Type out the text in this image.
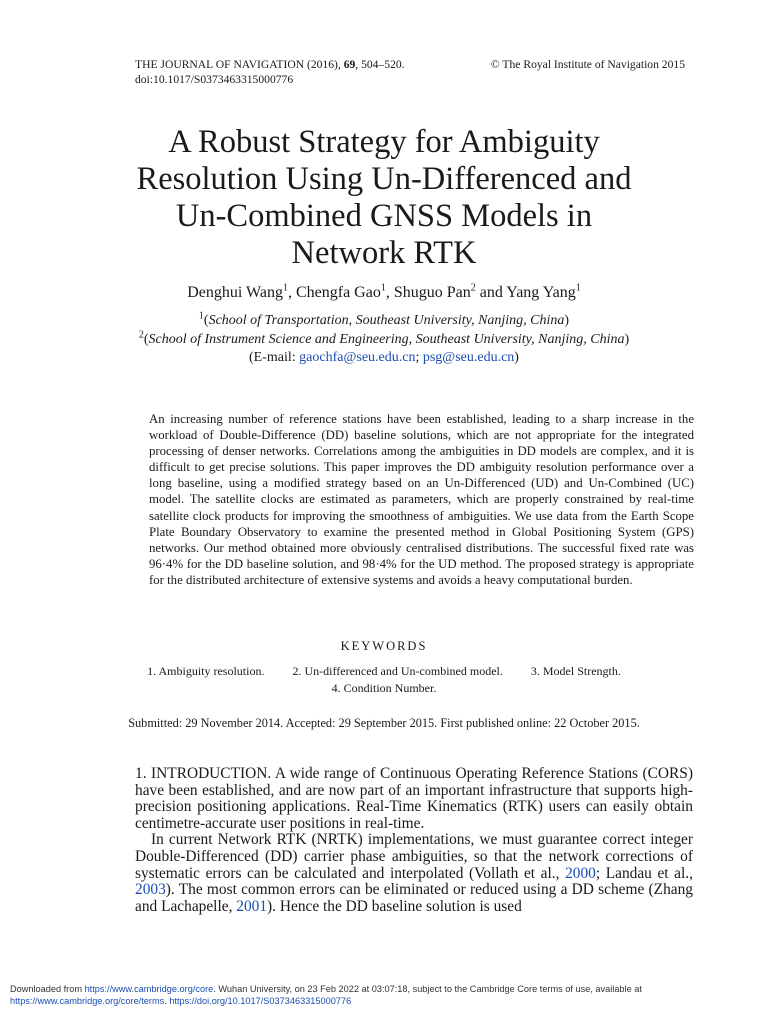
THE JOURNAL OF NAVIGATION (2016), 69, 504–520.	© The Royal Institute of Navigation 2015
doi:10.1017/S0373463315000776
A Robust Strategy for Ambiguity
Resolution Using Un-Differenced and
Un-Combined GNSS Models in
Network RTK
Denghui Wang$^1$, Chengfa Gao$^1$, Shuguo Pan$^2$ and Yang Yang$^1$
$^1$(School of Transportation, Southeast University, Nanjing, China)
$^2$(School of Instrument Science and Engineering, Southeast University, Nanjing, China)
(E-mail: gaochfa@seu.edu.cn; psg@seu.edu.cn)
An increasing number of reference stations have been established, leading to a sharp increase in the workload of Double-Difference (DD) baseline solutions, which are not appropriate for the integrated processing of denser networks. Correlations among the ambiguities in DD models are complex, and it is difficult to get precise solutions. This paper improves the DD ambiguity resolution performance over a long baseline, using a modified strategy based on an Un-Differenced (UD) and Un-Combined (UC) model. The satellite clocks are estimated as parameters, which are properly constrained by real-time satellite clock products for improving the smoothness of ambiguities. We use data from the Earth Scope Plate Boundary Observatory to examine the presented method in Global Positioning System (GPS) networks. Our method obtained more obviously centralised distributions. The successful fixed rate was 96·4% for the DD baseline solution, and 98·4% for the UD method. The proposed strategy is appropriate for the distributed architecture of extensive systems and avoids a heavy computational burden.
KEYWORDS
1. Ambiguity resolution. 2. Un-differenced and Un-combined model. 3. Model Strength.
4. Condition Number.
Submitted: 29 November 2014. Accepted: 29 September 2015. First published online: 22 October 2015.

1. INTRODUCTION. A wide range of Continuous Operating Reference Stations (CORS) have been established, and are now part of an important infrastructure that supports high-precision positioning applications. Real-Time Kinematics (RTK) users can easily obtain centimetre-accurate user positions in real-time.

In current Network RTK (NRTK) implementations, we must guarantee correct integer Double-Differenced (DD) carrier phase ambiguities, so that the network corrections of systematic errors can be calculated and interpolated (Vollath et al., 2000; Landau et al., 2003). The most common errors can be eliminated or reduced using a DD scheme (Zhang and Lachapelle, 2001). Hence the DD baseline solution is used

Downloaded from https://www.cambridge.org/core. Wuhan University, on 23 Feb 2022 at 03:07:18, subject to the Cambridge Core terms of use, available at
https://www.cambridge.org/core/terms. https://doi.org/10.1017/S0373463315000776
